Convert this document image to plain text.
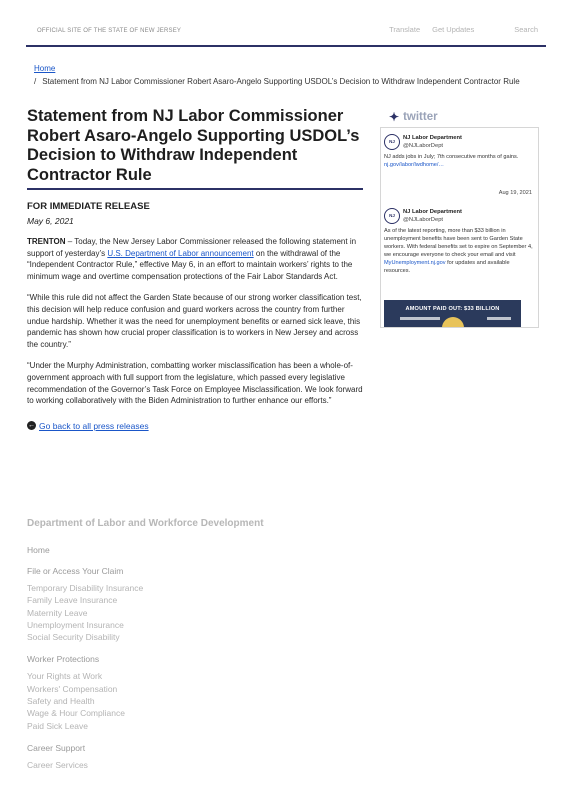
OFFICIAL SITE OF THE STATE OF NEW JERSEY	Translate Get Updates	Search
Home
/ Statement from NJ Labor Commissioner Robert Asaro-Angelo Supporting USDOL’s Decision to Withdraw Independent Contractor Rule
Statement from NJ Labor Commissioner Robert Asaro-Angelo Supporting USDOL’s Decision to Withdraw Independent Contractor Rule
FOR IMMEDIATE RELEASE
May 6, 2021

TRENTON – Today, the New Jersey Labor Commissioner released the following statement in support of yesterday’s U.S. Department of Labor announcement on the withdrawal of the “Independent Contractor Rule,” effective May 6, in an effort to maintain workers’ rights to the minimum wage and overtime compensation protections of the Fair Labor Standards Act.

“While this rule did not affect the Garden State because of our strong worker classification test, this decision will help reduce confusion and guard workers across the country from further undue hardship. Whether it was the need for unemployment benefits or earned sick leave, this pandemic has shown how crucial proper classification is to workers in New Jersey and across the country.”

“Under the Murphy Administration, combatting worker misclassification has been a whole-of-government approach with full support from the legislature, which passed every legislative recommendation of the Governor’s Task Force on Employee Misclassification. We look forward to working collaboratively with the Biden Administration to further enhance our efforts.”

← Go back to all press releases
✦ twitter
NJ
NJ Labor Department
@NJLaborDept
NJ adds jobs in July; 7th consecutive months of gains. nj.gov/labor/lwdhome/…
Aug 19, 2021
NJ
NJ Labor Department
@NJLaborDept
As of the latest reporting, more than $33 billion in unemployment benefits have been sent to Garden State workers. With federal benefits set to expire on September 4, we encourage everyone to check your email and visit MyUnemployment.nj.gov for updates and available resources.
AMOUNT PAID OUT: $33 BILLION
Department of Labor and Workforce Development
Home
File or Access Your Claim
Temporary Disability Insurance
Family Leave Insurance
Maternity Leave
Unemployment Insurance
Social Security Disability
Worker Protections
Your Rights at Work
Workers' Compensation
Safety and Health
Wage & Hour Compliance
Paid Sick Leave
Career Support
Career Services
